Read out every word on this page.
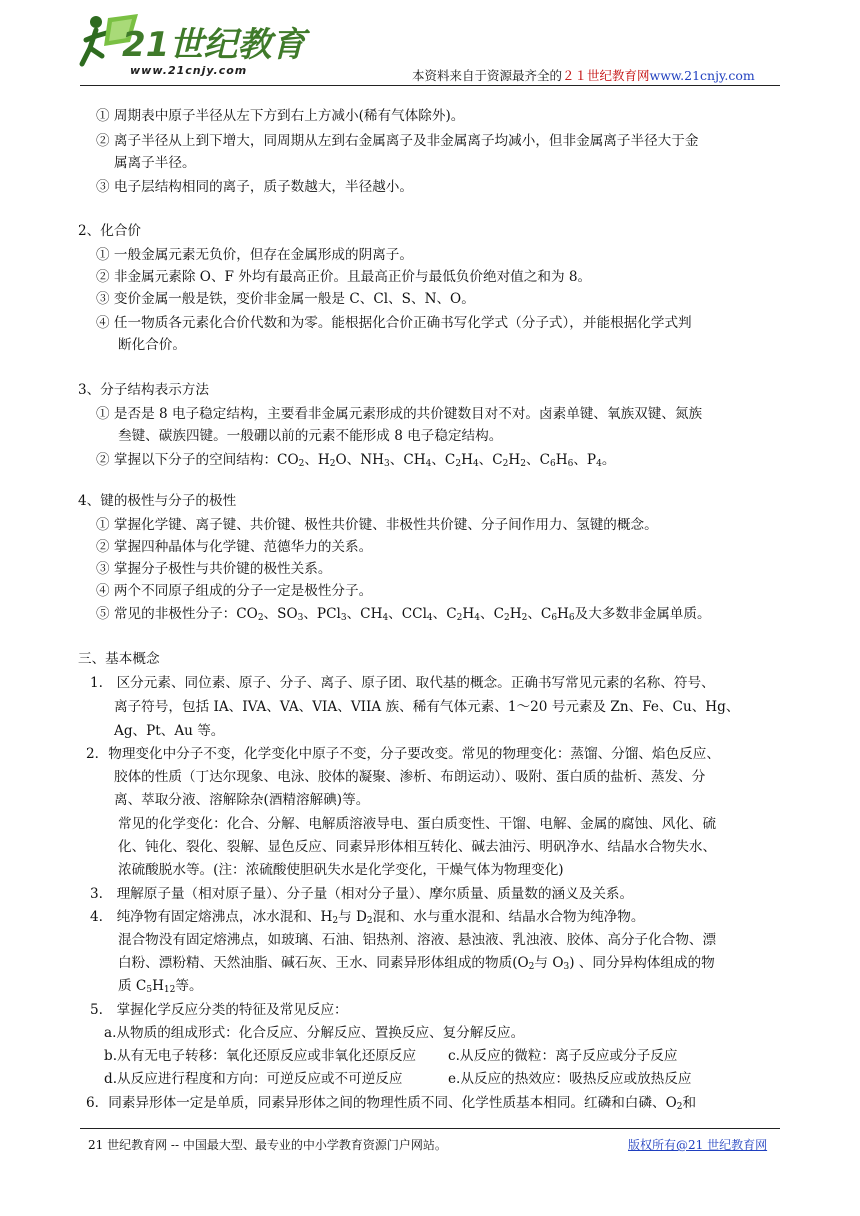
21世纪教育
www.21cnjy.com	本资料来自于资源最齐全的２１世纪教育网www.21cnjy.com
① 周期表中原子半径从左下方到右上方减小(稀有气体除外)。
② 离子半径从上到下增大，同周期从左到右金属离子及非金属离子均减小，但非金属离子半径大于金
属离子半径。
③ 电子层结构相同的离子，质子数越大，半径越小。
2、化合价
① 一般金属元素无负价，但存在金属形成的阴离子。
② 非金属元素除 O、F 外均有最高正价。且最高正价与最低负价绝对值之和为 8。
③ 变价金属一般是铁，变价非金属一般是 C、Cl、S、N、O。
④ 任一物质各元素化合价代数和为零。能根据化合价正确书写化学式（分子式），并能根据化学式判
断化合价。
3、分子结构表示方法
① 是否是 8 电子稳定结构，主要看非金属元素形成的共价键数目对不对。卤素单键、氧族双键、氮族
叁键、碳族四键。一般硼以前的元素不能形成 8 电子稳定结构。
② 掌握以下分子的空间结构：$CO_2$、$H_2O$、$NH_3$、$CH_4$、$C_2H_4$、$C_2H_2$、$C_6H_6$、$P_4$。
4、键的极性与分子的极性
① 掌握化学键、离子键、共价键、极性共价键、非极性共价键、分子间作用力、氢键的概念。
② 掌握四种晶体与化学键、范德华力的关系。
③ 掌握分子极性与共价键的极性关系。
④ 两个不同原子组成的分子一定是极性分子。
⑤ 常见的非极性分子：$CO_2$、$SO_3$、PCl$_3$、$CH_4$、CCl$_4$、$C_2H_4$、$C_2H_2$、$C_6H_6$及大多数非金属单质。
三、基本概念
1.　区分元素、同位素、原子、分子、离子、原子团、取代基的概念。正确书写常见元素的名称、符号、
离子符号，包括 IA、IVA、VA、VIA、VIIA 族、稀有气体元素、1～20 号元素及 Zn、Fe、Cu、Hg、
Ag、Pt、Au 等。
2．物理变化中分子不变，化学变化中原子不变，分子要改变。常见的物理变化：蒸馏、分馏、焰色反应、
胶体的性质（丁达尔现象、电泳、胶体的凝聚、渗析、布朗运动）、吸附、蛋白质的盐析、蒸发、分
离、萃取分液、溶解除杂(酒精溶解碘)等。
常见的化学变化：化合、分解、电解质溶液导电、蛋白质变性、干馏、电解、金属的腐蚀、风化、硫
化、钝化、裂化、裂解、显色反应、同素异形体相互转化、碱去油污、明矾净水、结晶水合物失水、
浓硫酸脱水等。(注：浓硫酸使胆矾失水是化学变化，干燥气体为物理变化)
3.　理解原子量（相对原子量）、分子量（相对分子量）、摩尔质量、质量数的涵义及关系。
4.　纯净物有固定熔沸点，冰水混和、$H_2$与 $D_2$混和、水与重水混和、结晶水合物为纯净物。
混合物没有固定熔沸点，如玻璃、石油、铝热剂、溶液、悬浊液、乳浊液、胶体、高分子化合物、漂
白粉、漂粉精、天然油脂、碱石灰、王水、同素异形体组成的物质($O_2$与 $O_3$) 、同分异构体组成的物
质 $C_5H_{12}$等。
5.　掌握化学反应分类的特征及常见反应：
a.从物质的组成形式：化合反应、分解反应、置换反应、复分解反应。
b.从有无电子转移：氧化还原反应或非氧化还原反应 c.从反应的微粒：离子反应或分子反应
d.从反应进行程度和方向：可逆反应或不可逆反应	e.从反应的热效应：吸热反应或放热反应
6．同素异形体一定是单质，同素异形体之间的物理性质不同、化学性质基本相同。红磷和白磷、$O_2$和
21 世纪教育网 -- 中国最大型、最专业的中小学教育资源门户网站。	版权所有@21 世纪教育网
